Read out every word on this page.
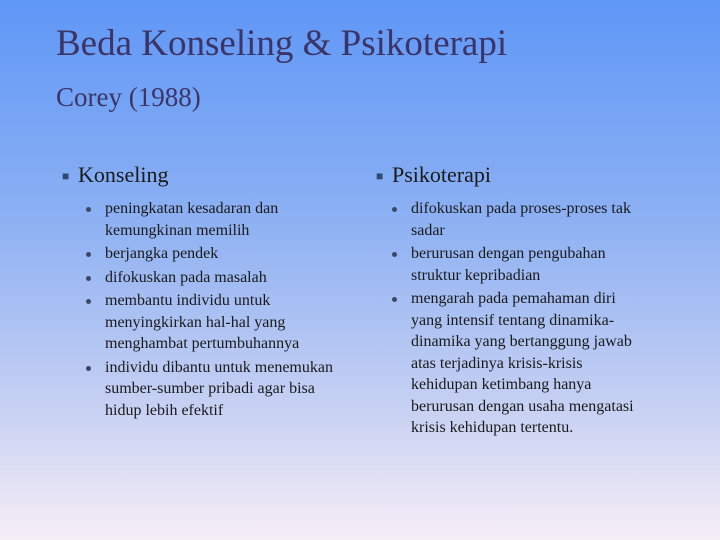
Beda Konseling & Psikoterapi
Corey (1988)
■ Konseling
peningkatan kesadaran dan kemungkinan memilih
berjangka pendek
difokuskan pada masalah
membantu individu untuk menyingkirkan hal-hal yang menghambat pertumbuhannya
individu dibantu untuk menemukan sumber-sumber pribadi agar bisa hidup lebih efektif
■ Psikoterapi
difokuskan pada proses-proses tak sadar
berurusan dengan pengubahan struktur kepribadian
mengarah pada pemahaman diri yang intensif tentang dinamika-dinamika yang bertanggung jawab atas terjadinya krisis-krisis kehidupan ketimbang hanya berurusan dengan usaha mengatasi krisis kehidupan tertentu.
